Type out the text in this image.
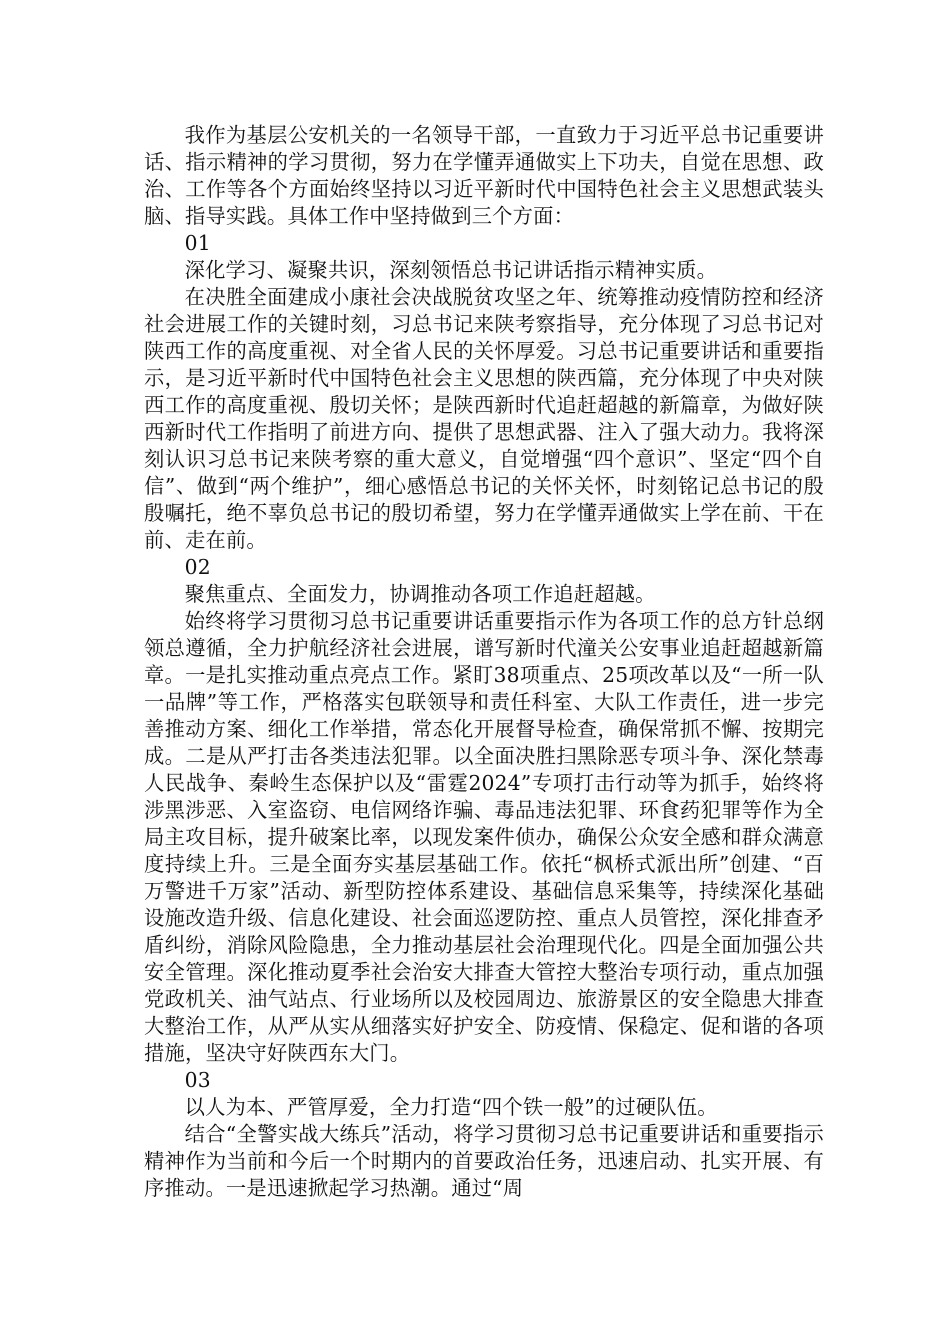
我作为基层公安机关的一名领导干部，一直致力于习近平总书记重要讲话、指示精神的学习贯彻，努力在学懂弄通做实上下功夫，自觉在思想、政治、工作等各个方面始终坚持以习近平新时代中国特色社会主义思想武装头脑、指导实践。具体工作中坚持做到三个方面：

01

深化学习、凝聚共识，深刻领悟总书记讲话指示精神实质。

在决胜全面建成小康社会决战脱贫攻坚之年、统筹推动疫情防控和经济社会进展工作的关键时刻，习总书记来陕考察指导，充分体现了习总书记对陕西工作的高度重视、对全省人民的关怀厚爱。习总书记重要讲话和重要指示，是习近平新时代中国特色社会主义思想的陕西篇，充分体现了中央对陕西工作的高度重视、殷切关怀；是陕西新时代追赶超越的新篇章，为做好陕西新时代工作指明了前进方向、提供了思想武器、注入了强大动力。我将深刻认识习总书记来陕考察的重大意义，自觉增强“四个意识”、坚定“四个自信”、做到“两个维护”，细心感悟总书记的关怀关怀，时刻铭记总书记的殷殷嘱托，绝不辜负总书记的殷切希望，努力在学懂弄通做实上学在前、干在前、走在前。

02

聚焦重点、全面发力，协调推动各项工作追赶超越。

始终将学习贯彻习总书记重要讲话重要指示作为各项工作的总方针总纲领总遵循，全力护航经济社会进展，谱写新时代潼关公安事业追赶超越新篇章。一是扎实推动重点亮点工作。紧盯38项重点、25项改革以及“一所一队一品牌”等工作，严格落实包联领导和责任科室、大队工作责任，进一步完善推动方案、细化工作举措，常态化开展督导检查，确保常抓不懈、按期完成。二是从严打击各类违法犯罪。以全面决胜扫黑除恶专项斗争、深化禁毒人民战争、秦岭生态保护以及“雷霆2024”专项打击行动等为抓手，始终将涉黑涉恶、入室盗窃、电信网络诈骗、毒品违法犯罪、环食药犯罪等作为全局主攻目标，提升破案比率，以现发案件侦办，确保公众安全感和群众满意度持续上升。三是全面夯实基层基础工作。依托“枫桥式派出所”创建、“百万警进千万家”活动、新型防控体系建设、基础信息采集等，持续深化基础设施改造升级、信息化建设、社会面巡逻防控、重点人员管控，深化排查矛盾纠纷，消除风险隐患，全力推动基层社会治理现代化。四是全面加强公共安全管理。深化推动夏季社会治安大排查大管控大整治专项行动，重点加强党政机关、油气站点、行业场所以及校园周边、旅游景区的安全隐患大排查大整治工作，从严从实从细落实好护安全、防疫情、保稳定、促和谐的各项措施，坚决守好陕西东大门。

03

以人为本、严管厚爱，全力打造“四个铁一般”的过硬队伍。

结合“全警实战大练兵”活动，将学习贯彻习总书记重要讲话和重要指示精神作为当前和今后一个时期内的首要政治任务，迅速启动、扎实开展、有序推动。一是迅速掀起学习热潮。通过“周
